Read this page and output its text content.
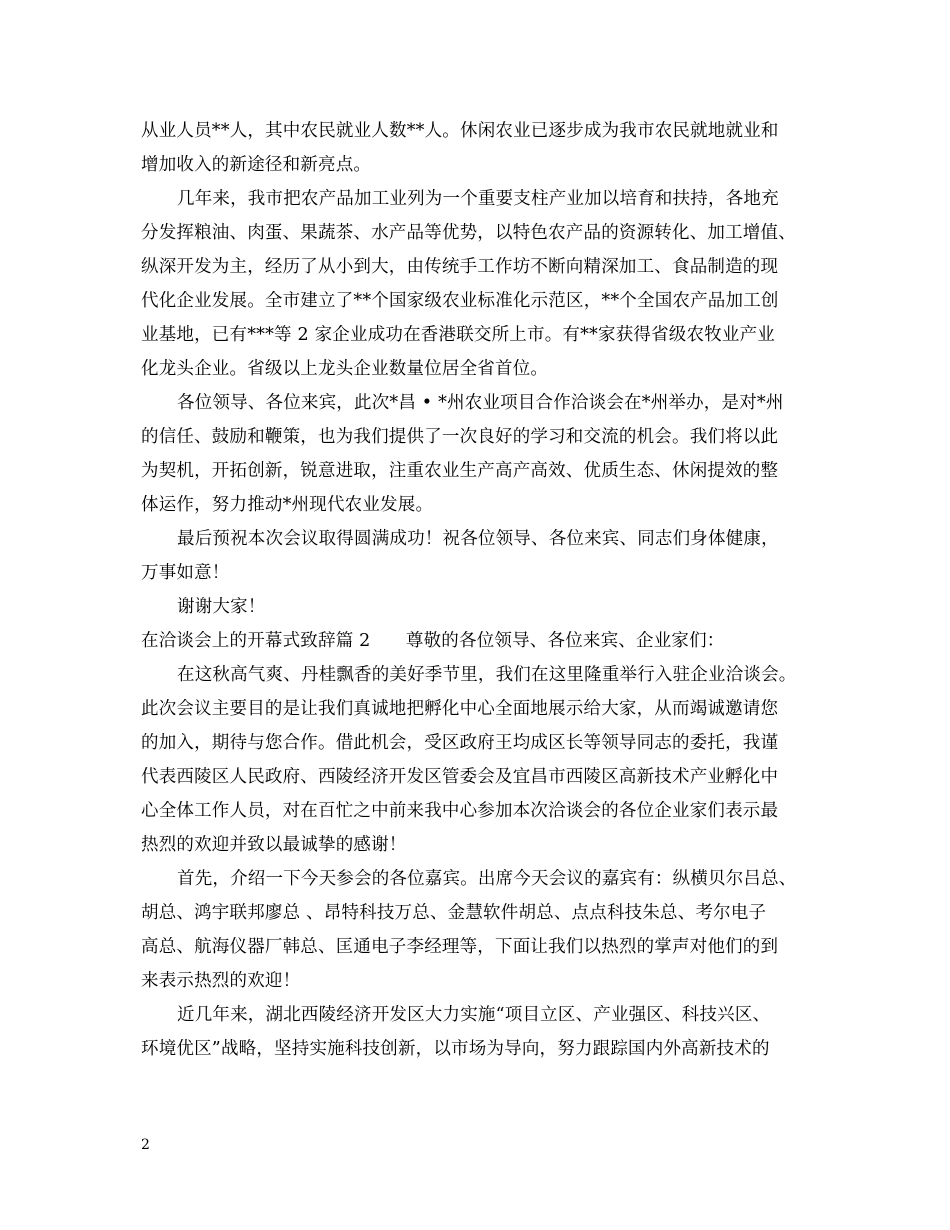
从业人员**人，其中农民就业人数**人。休闲农业已逐步成为我市农民就地就业和
增加收入的新途径和新亮点。
几年来，我市把农产品加工业列为一个重要支柱产业加以培育和扶持，各地充
分发挥粮油、肉蛋、果蔬茶、水产品等优势，以特色农产品的资源转化、加工增值、
纵深开发为主，经历了从小到大，由传统手工作坊不断向精深加工、食品制造的现
代化企业发展。全市建立了**个国家级农业标准化示范区，**个全国农产品加工创
业基地，已有***等 2 家企业成功在香港联交所上市。有**家获得省级农牧业产业
化龙头企业。省级以上龙头企业数量位居全省首位。
各位领导、各位来宾，此次*昌 • *州农业项目合作洽谈会在*州举办，是对*州
的信任、鼓励和鞭策，也为我们提供了一次良好的学习和交流的机会。我们将以此
为契机，开拓创新，锐意进取，注重农业生产高产高效、优质生态、休闲提效的整
体运作，努力推动*州现代农业发展。
最后预祝本次会议取得圆满成功！祝各位领导、各位来宾、同志们身体健康，
万事如意！
谢谢大家！
在洽谈会上的开幕式致辞篇 2　　尊敬的各位领导、各位来宾、企业家们：
在这秋高气爽、丹桂飘香的美好季节里，我们在这里隆重举行入驻企业洽谈会。
此次会议主要目的是让我们真诚地把孵化中心全面地展示给大家，从而竭诚邀请您
的加入，期待与您合作。借此机会，受区政府王均成区长等领导同志的委托，我谨
代表西陵区人民政府、西陵经济开发区管委会及宜昌市西陵区高新技术产业孵化中
心全体工作人员，对在百忙之中前来我中心参加本次洽谈会的各位企业家们表示最
热烈的欢迎并致以最诚挚的感谢！
首先，介绍一下今天参会的各位嘉宾。出席今天会议的嘉宾有：纵横贝尔吕总、
胡总、鸿宇联邦廖总 、昂特科技万总、金慧软件胡总、点点科技朱总、考尔电子
高总、航海仪器厂韩总、匡通电子李经理等，下面让我们以热烈的掌声对他们的到
来表示热烈的欢迎！
近几年来，湖北西陵经济开发区大力实施“项目立区、产业强区、科技兴区、
环境优区”战略，坚持实施科技创新，以市场为导向，努力跟踪国内外高新技术的
2
